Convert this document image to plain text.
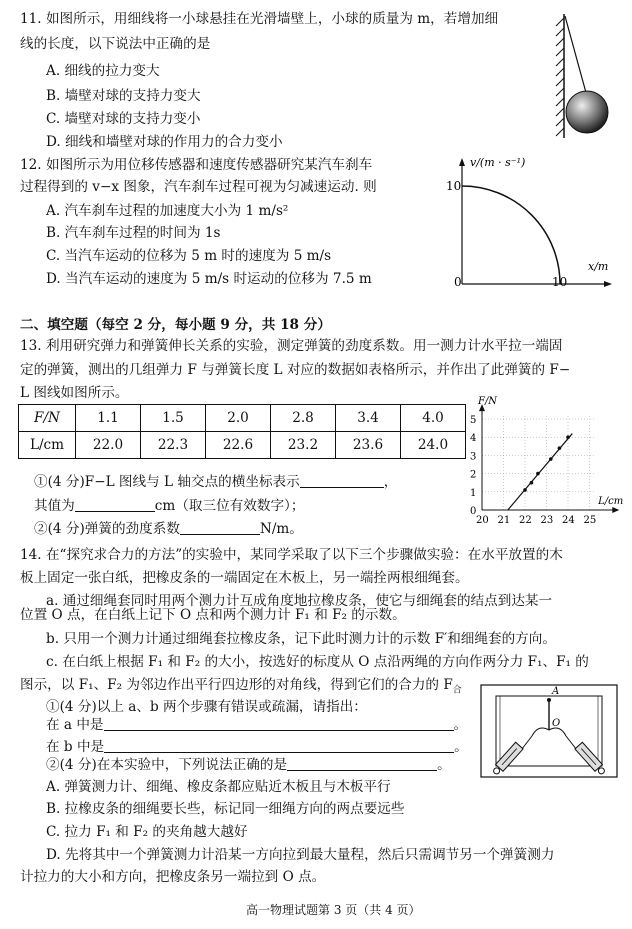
11. 如图所示，用细线将一小球悬挂在光滑墙壁上，小球的质量为 m，若增加细
线的长度，以下说法中正确的是
A. 细线的拉力变大
B. 墙壁对球的支持力变大
C. 墙壁对球的支持力变小
D. 细线和墙壁对球的作用力的合力变小
12. 如图所示为用位移传感器和速度传感器研究某汽车刹车
过程得到的 v−x 图象，汽车刹车过程可视为匀减速运动. 则
A. 汽车刹车过程的加速度大小为 1 m/s²
B. 汽车刹车过程的时间为 1s
C. 当汽车运动的位移为 5 m 时的速度为 5 m/s
D. 当汽车运动的速度为 5 m/s 时运动的位移为 7.5 m
v/(m · s⁻¹)
x/m
10
10
0
二、填空题（每空 2 分，每小题 9 分，共 18 分）
13. 利用研究弹力和弹簧伸长关系的实验，测定弹簧的劲度系数。用一测力计水平拉一端固
定的弹簧，测出的几组弹力 F 与弹簧长度 L 对应的数据如表格所示，并作出了此弹簧的 F−
L 图线如图所示。
F/N	1.1	1.5	2.0	2.8	3.4	4.0
L/cm	22.0	22.3	22.6	23.2	23.6	24.0
①(4 分)F−L 图线与 L 轴交点的横坐标表示	，
其值为	cm（取三位有效数字）；
②(4 分)弹簧的劲度系数	N/m。
20 21 22 23 24 25
0
1
2
3
4
5
F/N
L/cm
14. 在“探究求合力的方法”的实验中，某同学采取了以下三个步骤做实验：在水平放置的木
板上固定一张白纸，把橡皮条的一端固定在木板上，另一端拴两根细绳套。
a. 通过细绳套同时用两个测力计互成角度地拉橡皮条，使它与细绳套的结点到达某一
位置 O 点，在白纸上记下 O 点和两个测力计 F₁ 和 F₂ 的示数。
b. 只用一个测力计通过细绳套拉橡皮条，记下此时测力计的示数 F′和细绳套的方向。
c. 在白纸上根据 F₁ 和 F₂ 的大小，按选好的标度从 O 点沿两绳的方向作两分力 F₁、F₁ 的
图示，以 F₁、F₂ 为邻边作出平行四边形的对角线，得到它们的合力的 $F_合$
①(4 分)以上 a、b 两个步骤有错误或疏漏，请指出：
在 a 中是	。
在 b 中是	。
②(4 分)在本实验中，下列说法正确的是	。
A. 弹簧测力计、细绳、橡皮条都应贴近木板且与木板平行
B. 拉橡皮条的细绳要长些，标记同一细绳方向的两点要远些
C. 拉力 F₁ 和 F₂ 的夹角越大越好
D. 先将其中一个弹簧测力计沿某一方向拉到最大量程，然后只需调节另一个弹簧测力
计拉力的大小和方向，把橡皮条另一端拉到 O 点。
A
O
高一物理试题第 3 页（共 4 页）
